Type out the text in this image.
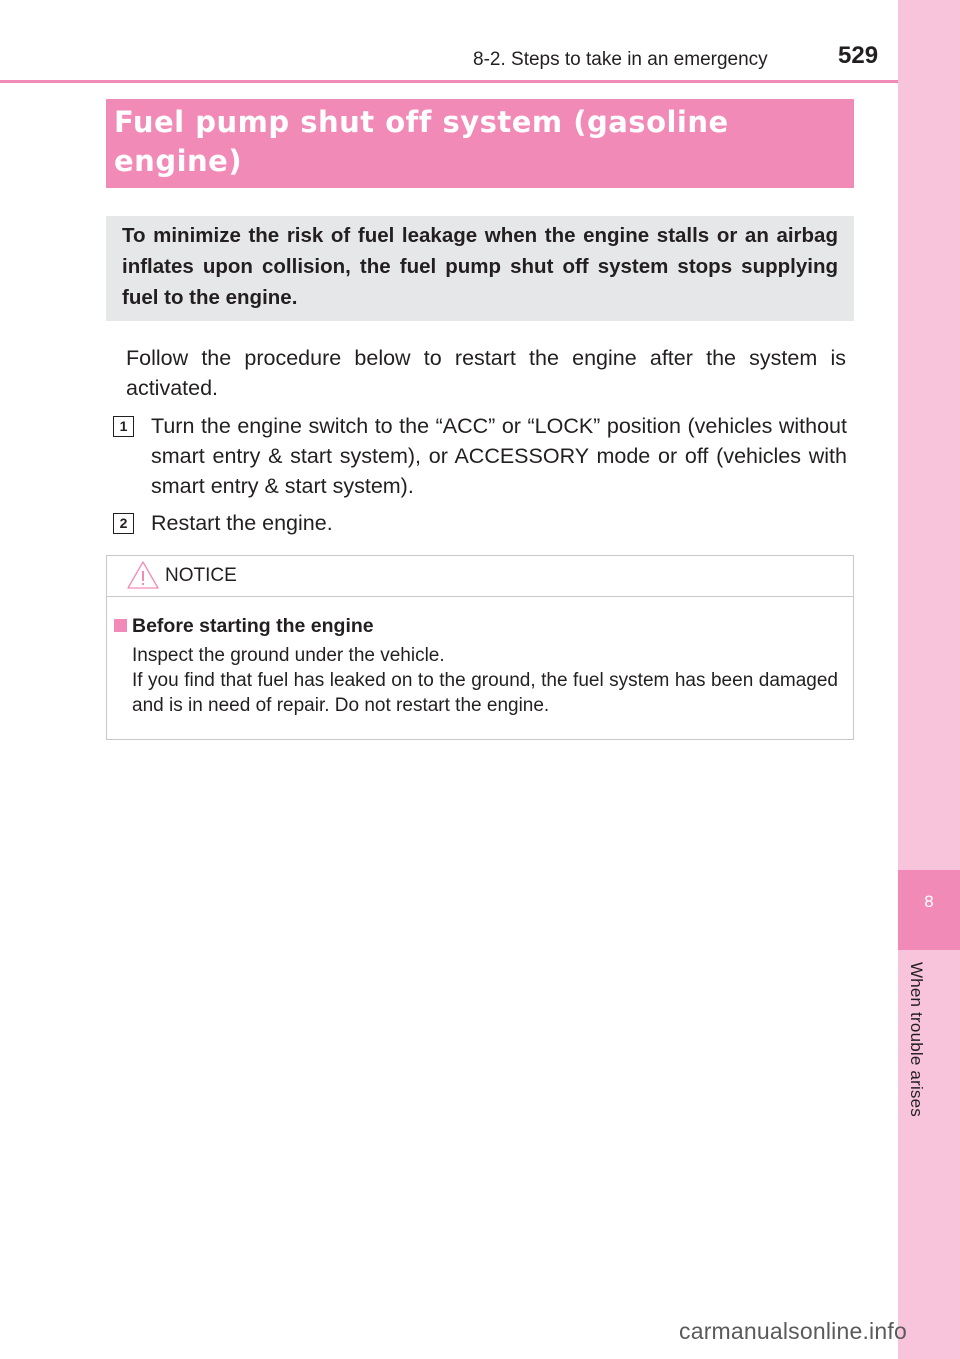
8-2. Steps to take in an emergency	529
8
When trouble arises
Fuel pump shut off system (gasoline
engine)

To minimize the risk of fuel leakage when the engine stalls or an airbag inflates upon collision, the fuel pump shut off system stops supplying fuel to the engine.

Follow the procedure below to restart the engine after the system is activated.

1	Turn the engine switch to the “ACC” or “LOCK” position (vehicles without smart entry & start system), or ACCESSORY mode or off (vehicles with smart entry & start system).

2	Restart the engine.

NOTICE
Before starting the engine

Inspect the ground under the vehicle.
If you find that fuel has leaked on to the ground, the fuel system has been damaged and is in need of repair. Do not restart the engine.

carmanualsonline.info
